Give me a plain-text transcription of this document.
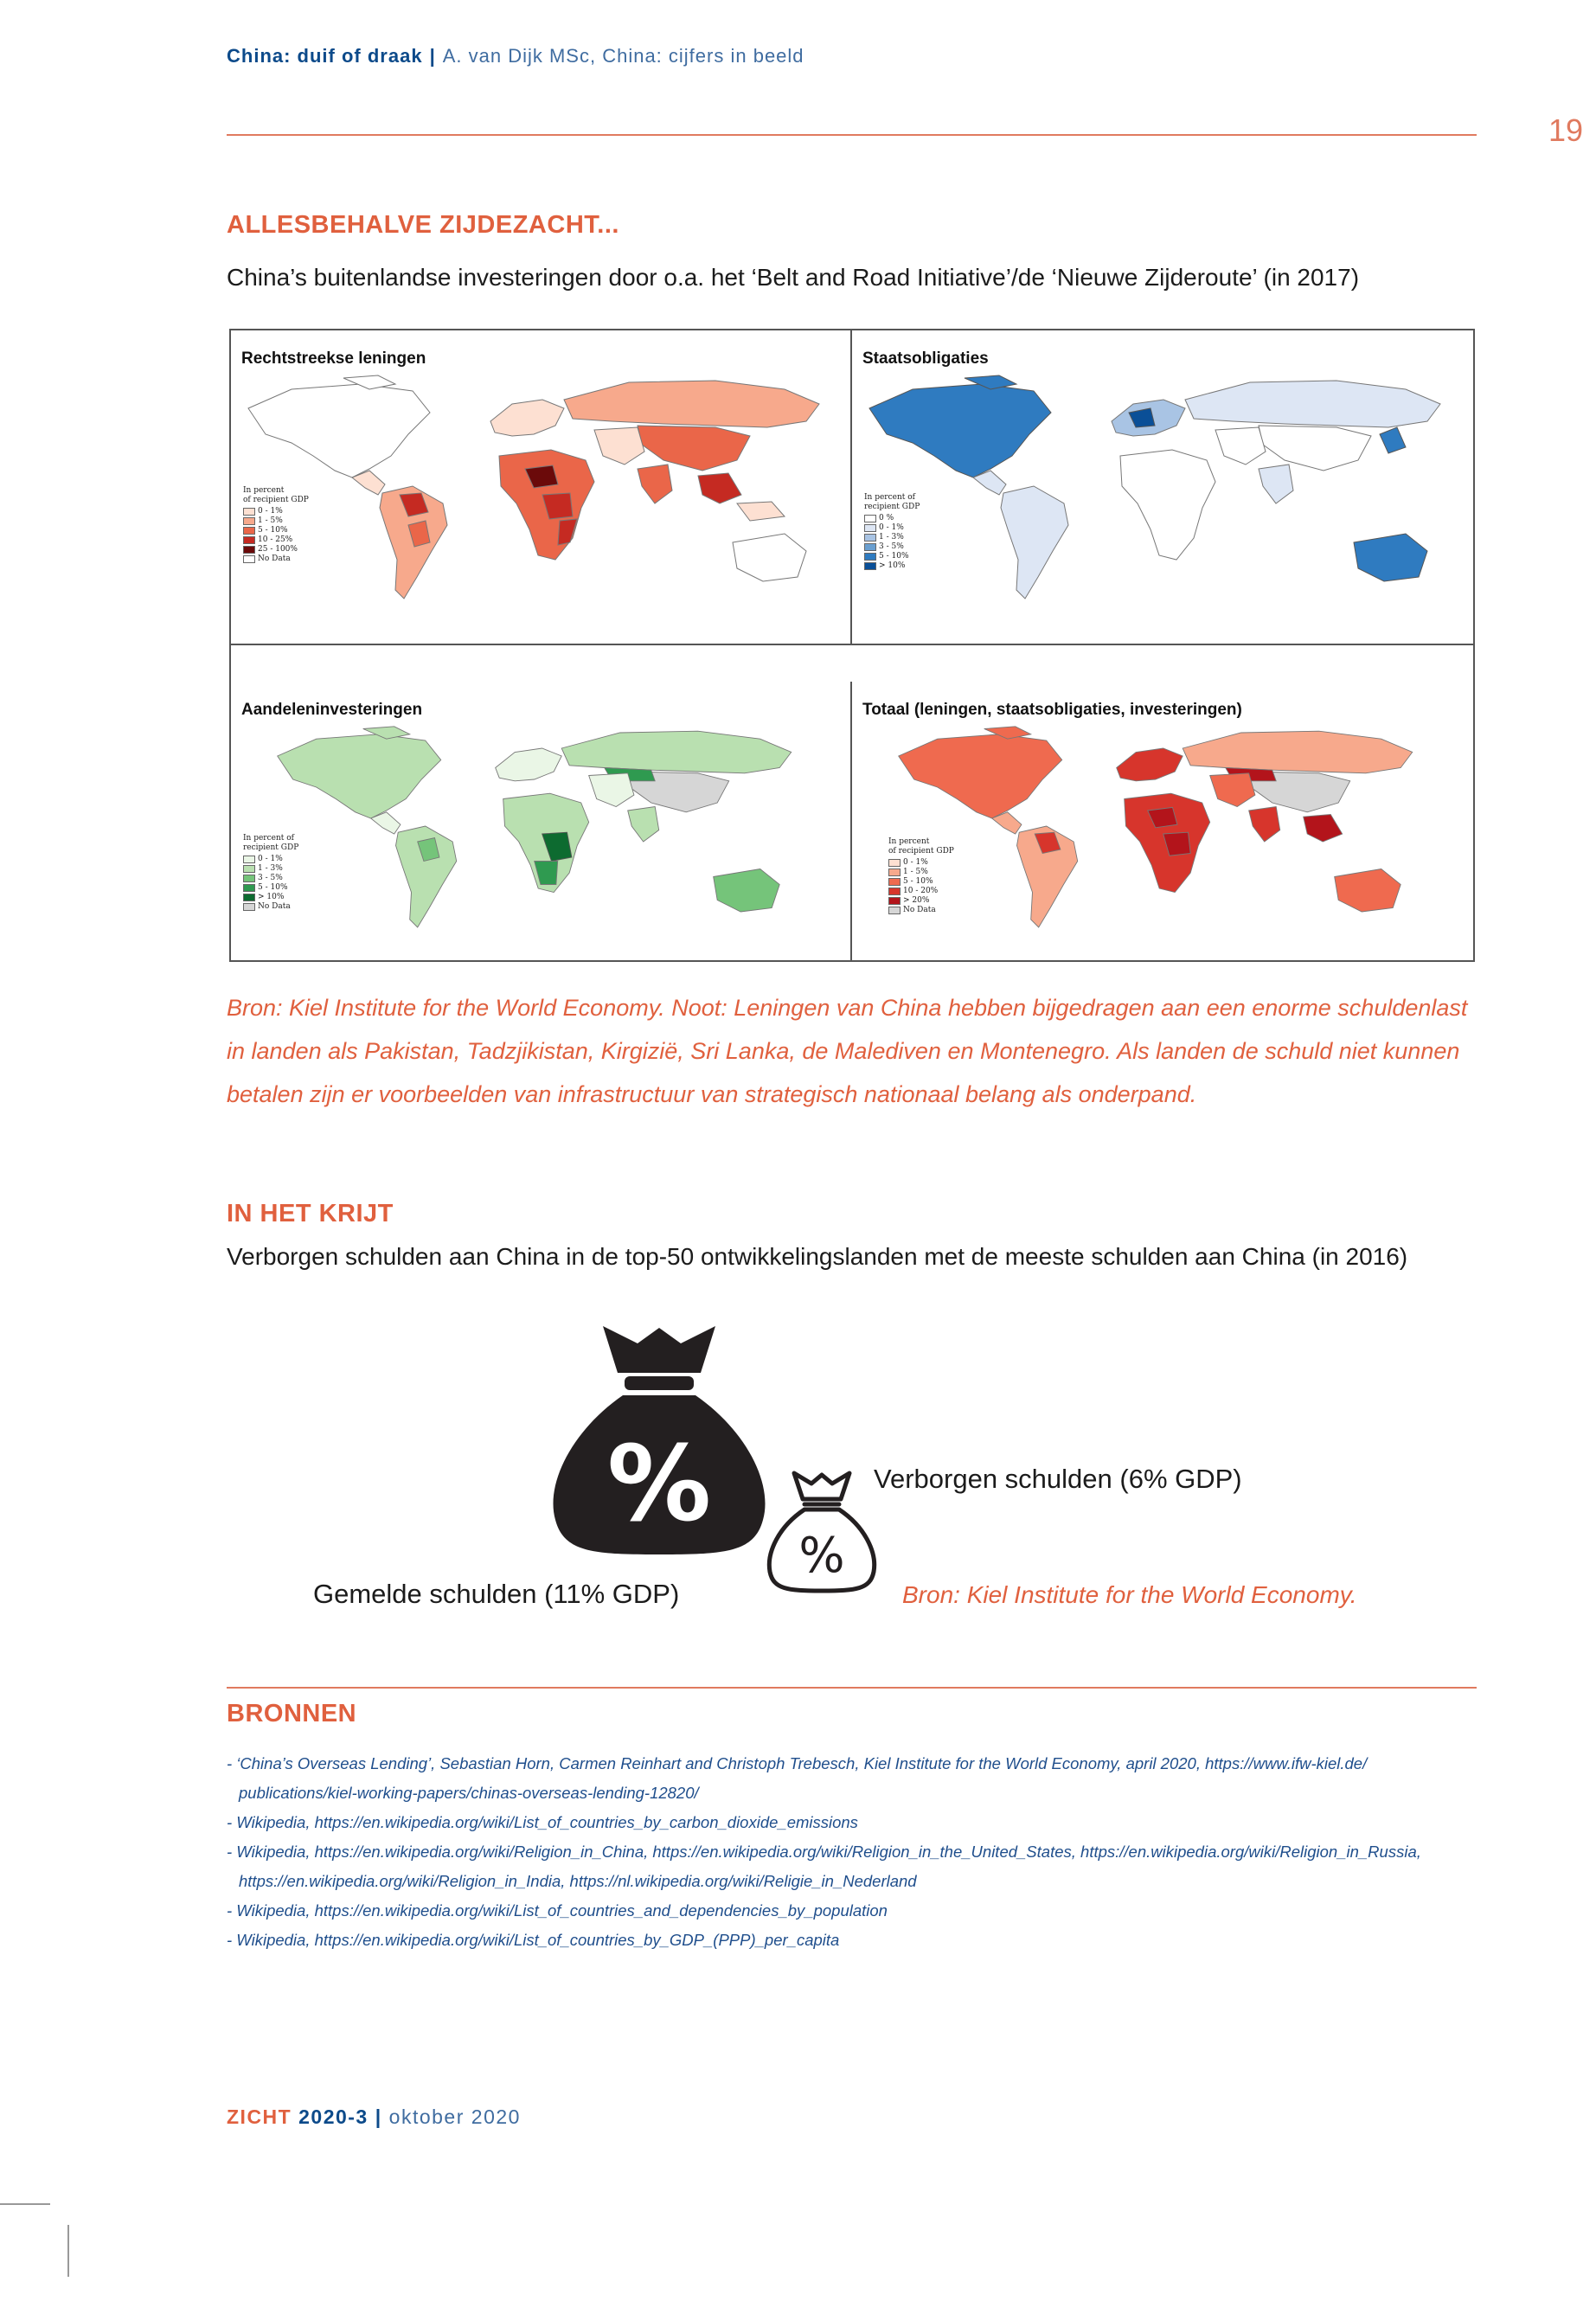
China: duif of draak | A. van Dijk MSc, China: cijfers in beeld
19
ALLESBEHALVE ZIJDEZACHT...
China’s buitenlandse investeringen door o.a. het ‘Belt and Road Initiative’/de ‘Nieuwe Zijderoute’ (in 2017)
Rechtstreekse leningen
In percent
of recipient GDP
0 - 1%
1 - 5%
5 - 10%
10 - 25%
25 - 100%
No Data
Staatsobligaties
In percent of
recipient GDP
0 %
0 - 1%
1 - 3%
3 - 5%
5 - 10%
> 10%
Aandeleninvesteringen
In percent of
recipient GDP
0 - 1%
1 - 3%
3 - 5%
5 - 10%
> 10%
No Data
Totaal (leningen, staatsobligaties, investeringen)
In percent
of recipient GDP
0 - 1%
1 - 5%
5 - 10%
10 - 20%
> 20%
No Data
Bron: Kiel Institute for the World Economy. Noot: Leningen van China hebben bijgedragen aan een enorme schuldenlast in landen als Pakistan, Tadzjikistan, Kirgizië, Sri Lanka, de Malediven en Montenegro. Als landen de schuld niet kunnen betalen zijn er voorbeelden van infrastructuur van strategisch nationaal belang als onderpand.
IN HET KRIJT
Verborgen schulden aan China in de top-50 ontwikkelingslanden met de meeste schulden aan China (in 2016)
%
%
Verborgen schulden (6% GDP)
Gemelde schulden (11% GDP)	Bron: Kiel Institute for the World Economy.
BRONNEN
- ‘China’s Overseas Lending’, Sebastian Horn, Carmen Reinhart and Christoph Trebesch, Kiel Institute for the World Economy, april 2020, https://www.ifw-kiel.de/ publications/kiel-working-papers/chinas-overseas-lending-12820/
- Wikipedia, https://en.wikipedia.org/wiki/List_of_countries_by_carbon_dioxide_emissions
- Wikipedia, https://en.wikipedia.org/wiki/Religion_in_China, https://en.wikipedia.org/wiki/Religion_in_the_United_States, https://en.wikipedia.org/wiki/Religion_in_Russia, https://en.wikipedia.org/wiki/Religion_in_India, https://nl.wikipedia.org/wiki/Religie_in_Nederland
- Wikipedia, https://en.wikipedia.org/wiki/List_of_countries_and_dependencies_by_population
- Wikipedia, https://en.wikipedia.org/wiki/List_of_countries_by_GDP_(PPP)_per_capita
ZICHT 2020-3 | oktober 2020
